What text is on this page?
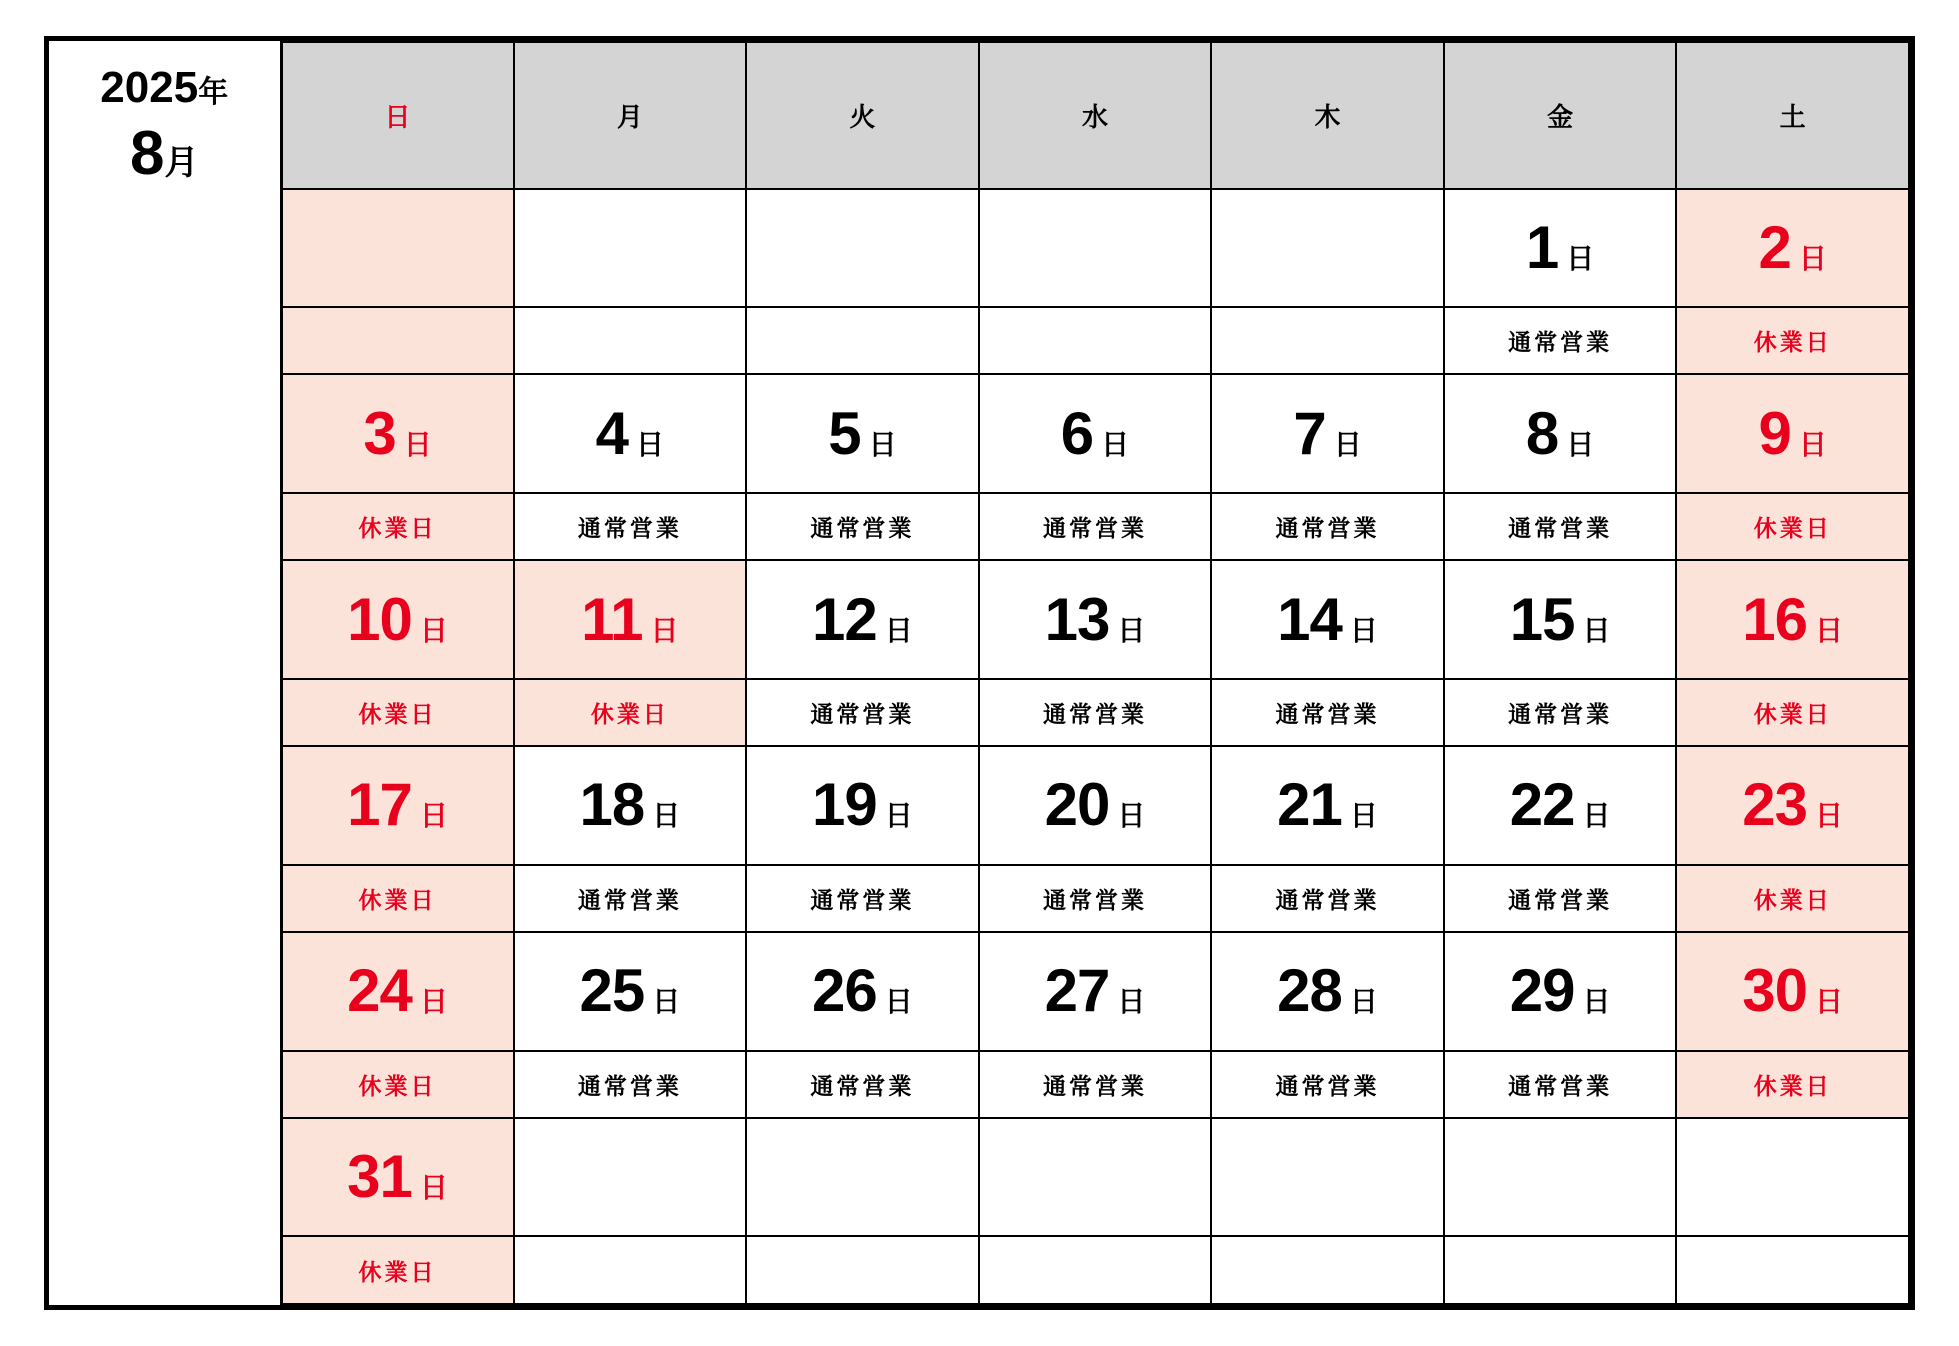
2025年
8月	日	月	火	水	木	金	土
						1 日	2 日
						通常営業	休業日
	3 日	4 日	5 日	6 日	7 日	8 日	9 日
	休業日	通常営業	通常営業	通常営業	通常営業	通常営業	休業日
	10 日	11 日	12 日	13 日	14 日	15 日	16 日
	休業日	休業日	通常営業	通常営業	通常営業	通常営業	休業日
	17 日	18 日	19 日	20 日	21 日	22 日	23 日
	休業日	通常営業	通常営業	通常営業	通常営業	通常営業	休業日
	24 日	25 日	26 日	27 日	28 日	29 日	30 日
	休業日	通常営業	通常営業	通常営業	通常営業	通常営業	休業日
	31 日						
	休業日						
